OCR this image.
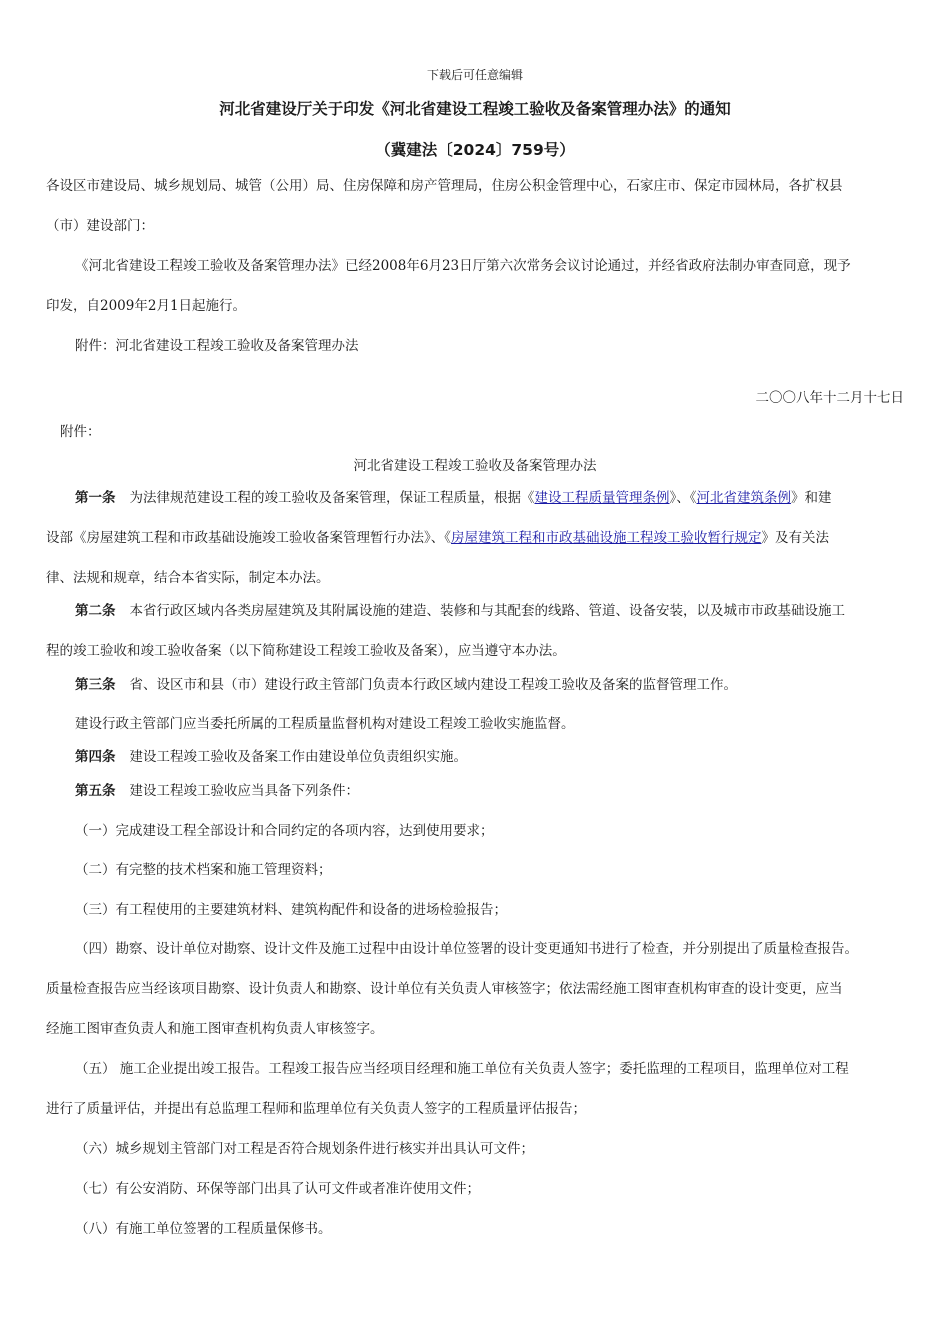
下载后可任意编辑
河北省建设厅关于印发《河北省建设工程竣工验收及备案管理办法》的通知
（冀建法〔2024〕759号）
各设区市建设局、城乡规划局、城管（公用）局、住房保障和房产管理局，住房公积金管理中心，石家庄市、保定市园林局，各扩权县
（市）建设部门：
《河北省建设工程竣工验收及备案管理办法》已经2008年6月23日厅第六次常务会议讨论通过，并经省政府法制办审查同意，现予
印发，自2009年2月1日起施行。
附件：河北省建设工程竣工验收及备案管理办法
二〇〇八年十二月十七日
附件：
河北省建设工程竣工验收及备案管理办法
第一条 为法律规范建设工程的竣工验收及备案管理，保证工程质量，根据《建设工程质量管理条例》、《河北省建筑条例》和建
设部《房屋建筑工程和市政基础设施竣工验收备案管理暂行办法》、《房屋建筑工程和市政基础设施工程竣工验收暂行规定》及有关法
律、法规和规章，结合本省实际，制定本办法。
第二条 本省行政区域内各类房屋建筑及其附属设施的建造、装修和与其配套的线路、管道、设备安装，以及城市市政基础设施工
程的竣工验收和竣工验收备案（以下简称建设工程竣工验收及备案），应当遵守本办法。
第三条 省、设区市和县（市）建设行政主管部门负责本行政区域内建设工程竣工验收及备案的监督管理工作。
建设行政主管部门应当委托所属的工程质量监督机构对建设工程竣工验收实施监督。
第四条 建设工程竣工验收及备案工作由建设单位负责组织实施。
第五条 建设工程竣工验收应当具备下列条件：
（一）完成建设工程全部设计和合同约定的各项内容，达到使用要求；
（二）有完整的技术档案和施工管理资料；
（三）有工程使用的主要建筑材料、建筑构配件和设备的进场检验报告；
（四）勘察、设计单位对勘察、设计文件及施工过程中由设计单位签署的设计变更通知书进行了检查，并分别提出了质量检查报告。
质量检查报告应当经该项目勘察、设计负责人和勘察、设计单位有关负责人审核签字；依法需经施工图审查机构审查的设计变更，应当
经施工图审查负责人和施工图审查机构负责人审核签字。
（五） 施工企业提出竣工报告。工程竣工报告应当经项目经理和施工单位有关负责人签字；委托监理的工程项目，监理单位对工程
进行了质量评估，并提出有总监理工程师和监理单位有关负责人签字的工程质量评估报告；
（六）城乡规划主管部门对工程是否符合规划条件进行核实并出具认可文件；
（七）有公安消防、环保等部门出具了认可文件或者准许使用文件；
（八）有施工单位签署的工程质量保修书。
